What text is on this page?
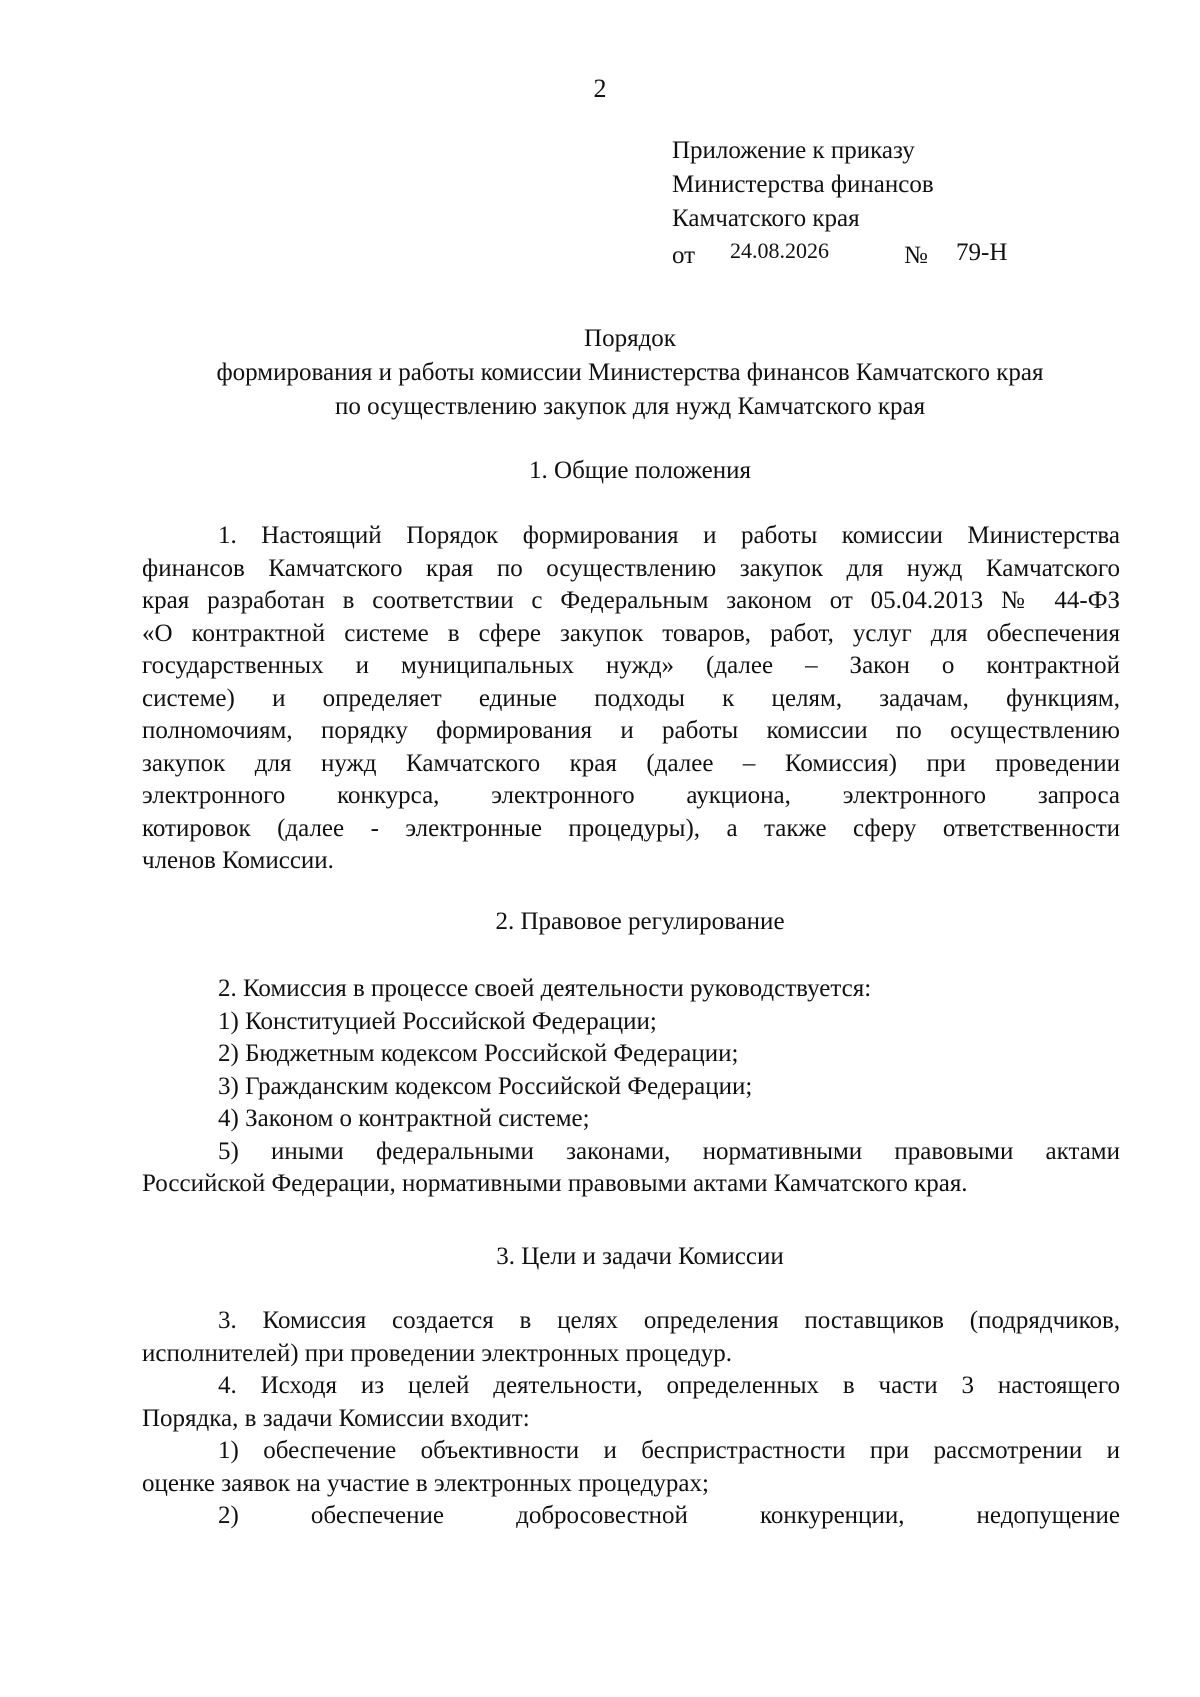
2
Приложение к приказу
Министерства финансов
Камчатского края
от 24.08.2026	№ 79-Н
Порядок
формирования и работы комиссии Министерства финансов Камчатского края
по осуществлению закупок для нужд Камчатского края
1. Общие положения
1. Настоящий Порядок формирования и работы комиссии Министерства
финансов Камчатского края по осуществлению закупок для нужд Камчатского
края разработан в соответствии с Федеральным законом от 05.04.2013 № 44-ФЗ
«О контрактной системе в сфере закупок товаров, работ, услуг для обеспечения
государственных и муниципальных нужд» (далее – Закон о контрактной
системе) и определяет единые подходы к целям, задачам, функциям,
полномочиям, порядку формирования и работы комиссии по осуществлению
закупок для нужд Камчатского края (далее – Комиссия) при проведении
электронного конкурса, электронного аукциона, электронного запроса
котировок (далее - электронные процедуры), а также сферу ответственности
членов Комиссии.
2. Правовое регулирование
2. Комиссия в процессе своей деятельности руководствуется:
1) Конституцией Российской Федерации;
2) Бюджетным кодексом Российской Федерации;
3) Гражданским кодексом Российской Федерации;
4) Законом о контрактной системе;
5) иными федеральными законами, нормативными правовыми актами
Российской Федерации, нормативными правовыми актами Камчатского края.
3. Цели и задачи Комиссии
3. Комиссия создается в целях определения поставщиков (подрядчиков,
исполнителей) при проведении электронных процедур.
4. Исходя из целей деятельности, определенных в части 3 настоящего
Порядка, в задачи Комиссии входит:
1) обеспечение объективности и беспристрастности при рассмотрении и
оценке заявок на участие в электронных процедурах;
2) обеспечение добросовестной конкуренции, недопущение
